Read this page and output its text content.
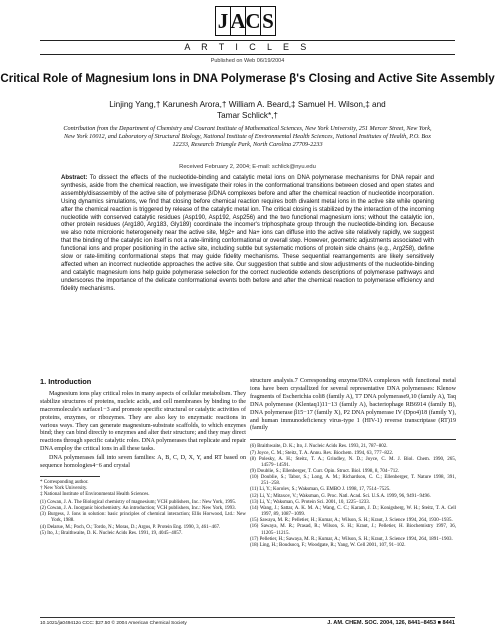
J A C S
A R T I C L E S
Published on Web 06/19/2004
Critical Role of Magnesium Ions in DNA Polymerase β's Closing and Active Site Assembly
Linjing Yang,† Karunesh Arora,† William A. Beard,‡ Samuel H. Wilson,‡ and
Tamar Schlick*,†
Contribution from the Department of Chemistry and Courant Institute of Mathematical Sciences, New York University, 251 Mercer Street, New York, New York 10012, and Laboratory of Structural Biology, National Institute of Environmental Health Sciences, National Institutes of Health, P.O. Box 12233, Research Triangle Park, North Carolina 27709-2233
Received February 2, 2004; E-mail: schlick@nyu.edu
Abstract: To dissect the effects of the nucleotide-binding and catalytic metal ions on DNA polymerase mechanisms for DNA repair and synthesis, aside from the chemical reaction, we investigate their roles in the conformational transitions between closed and open states and assembly/disassembly of the active site of polymerase β/DNA complexes before and after the chemical reaction of nucleotide incorporation. Using dynamics simulations, we find that closing before chemical reaction requires both divalent metal ions in the active site while opening after the chemical reaction is triggered by release of the catalytic metal ion. The critical closing is stabilized by the interaction of the incoming nucleotide with conserved catalytic residues (Asp190, Asp192, Asp256) and the two functional magnesium ions; without the catalytic ion, other protein residues (Arg180, Arg183, Gly189) coordinate the incomer's triphosphate group through the nucleotide-binding ion. Because we also note microionic heterogeneity near the active site, Mg2+ and Na+ ions can diffuse into the active site relatively rapidly, we suggest that the binding of the catalytic ion itself is not a rate-limiting conformational or overall step. However, geometric adjustments associated with functional ions and proper positioning in the active site, including subtle but systematic motions of protein side chains (e.g., Arg258), define slow or rate-limiting conformational steps that may guide fidelity mechanisms. These sequential rearrangements are likely sensitively affected when an incorrect nucleotide approaches the active site. Our suggestion that subtle and slow adjustments of the nucleotide-binding and catalytic magnesium ions help guide polymerase selection for the correct nucleotide extends descriptions of polymerase pathways and underscores the importance of the delicate conformational events both before and after the chemical reaction to polymerase efficiency and fidelity mechanisms.
1. Introduction
Magnesium ions play critical roles in many aspects of cellular metabolism. They stabilize structures of proteins, nucleic acids, and cell membranes by binding to the macromolecule's surface1−3 and promote specific structural or catalytic activities of proteins, enzymes, or ribozymes. They are also key to enzymatic reactions in various ways. They can generate magnesium-substrate scaffolds, to which enzymes bind; they can bind directly to enzymes and alter their structure; and they may direct reactions through specific catalytic roles. DNA polymerases that replicate and repair DNA employ the critical ions in all these tasks.
DNA polymerases fall into seven families: A, B, C, D, X, Y, and RT based on sequence homologies4−6 and crystal
* Corresponding author.
† New York University.
‡ National Institute of Environmental Health Sciences.
(1) Cowan, J. A. The Biological chemistry of magnesium; VCH publishers, Inc.: New York, 1995.
(2) Cowan, J. A. Inorganic biochemistry. An introduction; VCH publishers, Inc.: New York, 1993.
(3) Burgess, J. Ions in solution: basic principles of chemical interaction; Ellis Horwood, Ltd.: New York, 1988.
(4) Delarue, M.; Poch, O.; Tordo, N.; Moras, D.; Argos, P. Protein Eng. 1990, 3, 461−467.
(5) Ito, J.; Braithwaite, D. K. Nucleic Acids Res. 1991, 19, 4045−4057.
structure analysis.7 Corresponding enzyme/DNA complexes with functional metal ions have been crystallized for several representative DNA polymerases: Klenow fragments of Escherichia coli8 (family A), T7 DNA polymerase9,10 (family A), Taq DNA polymerase (Klentaq1)11−13 (family A), bacteriophage RB6914 (family B), DNA polymerase β15−17 (family X), P2 DNA polymerase IV (Dpo4)18 (family Y), and human immunodeficiency virus-type 1 (HIV-1) reverse transcriptase (RT)19 (family
(6) Braithwaite, D. K.; Ito, J. Nucleic Acids Res. 1993, 21, 787−802.
(7) Joyce, C. M.; Steitz, T. A. Annu. Rev. Biochem. 1994, 63, 777−822.
(8) Polesky, A. H.; Steitz, T. A.; Grindley, N. D.; Joyce, C. M. J. Biol. Chem. 1990, 265, 14579−14591.
(9) Doublie, S.; Ellenberger, T. Curr. Opin. Struct. Biol. 1998, 8, 704−712.
(10) Doublie, S.; Tabor, S.; Long, A. M.; Richardson, C. C.; Ellenberger, T. Nature 1998, 391, 251−258.
(11) Li, Y.; Korolev, S.; Waksman, G. EMBO J. 1998, 17, 7514−7525.
(12) Li, Y.; Mitaxov, V.; Waksman, G. Proc. Natl. Acad. Sci. U.S.A. 1999, 96, 9491−9496.
(13) Li, Y.; Waksman, G. Protein Sci. 2001, 10, 1225−1233.
(14) Wang, J.; Sattar, A. K. M. A.; Wang, C. C.; Karam, J. D.; Konigsberg, W. H.; Steitz, T. A. Cell 1997, 89, 1087−1099.
(15) Sawaya, M. R.; Pelletier, H.; Kumar, A.; Wilson, S. H.; Kraut, J. Science 1994, 264, 1930−1935.
(16) Sawaya, M. R.; Prasad, R.; Wilson, S. H.; Kraut, J.; Pelletier, H. Biochemistry 1997, 36, 11205−11215.
(17) Pelletier, H.; Sawaya, M. R.; Kumar, A.; Wilson, S. H.; Kraut, J. Science 1994, 264, 1891−1903.
(18) Ling, H.; Boudsocq, F.; Woodgate, R.; Yang, W. Cell 2001, 107, 91−102.
10.1021/ja049412o CCC: $27.50 © 2004 American Chemical Society	J. AM. CHEM. SOC. 2004, 126, 8441−8453 ■ 8441
